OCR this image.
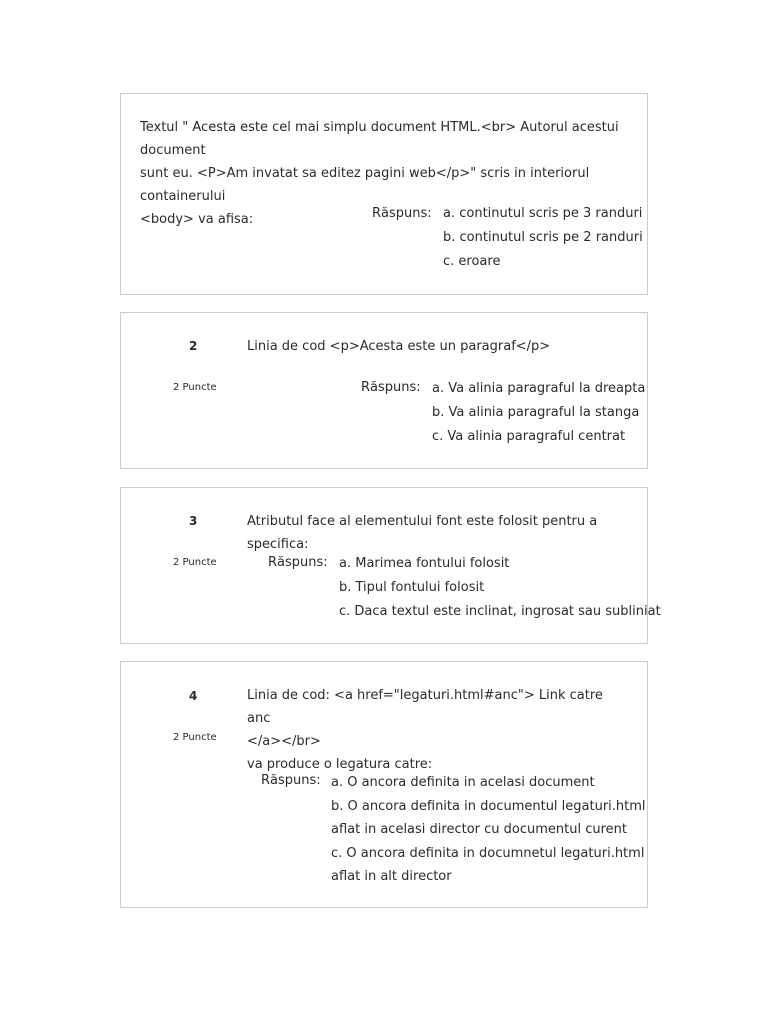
Textul " Acesta este cel mai simplu document HTML.<br> Autorul acestui document
sunt eu. <P>Am invatat sa editez pagini web</p>" scris in interiorul containerului
<body> va afisa:	Răspuns: a. continutul scris pe 3 randuri
b. continutul scris pe 2 randuri
c. eroare
2
2 Puncte
Linia de cod <p>Acesta este un paragraf</p>
Răspuns: a. Va alinia paragraful la dreapta
b. Va alinia paragraful la stanga
c. Va alinia paragraful centrat
3
2 Puncte
Atributul face al elementului font este folosit pentru a specifica:
Răspuns: a. Marimea fontului folosit
b. Tipul fontului folosit
c. Daca textul este inclinat, ingrosat sau subliniat
4
2 Puncte
Linia de cod: <a href="legaturi.html#anc"> Link catre anc
</a></br>
va produce o legatura catre:
Răspuns: a. O ancora definita in acelasi document
b. O ancora definita in documentul legaturi.html
aflat in acelasi director cu documentul curent
c. O ancora definita in documnetul legaturi.html
aflat in alt director
